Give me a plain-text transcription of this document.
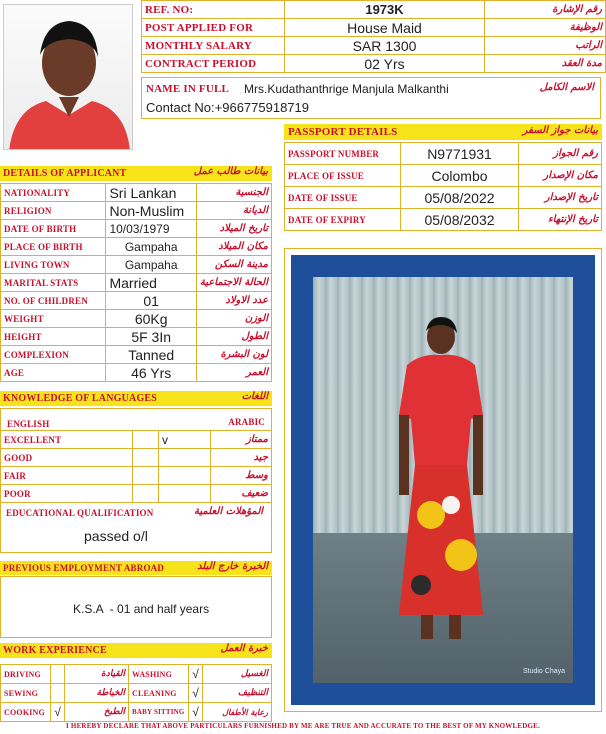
REF. NO:	1973K	رقم الإشارة
POST APPLIED FOR	House Maid	الوظيفة
MONTHLY SALARY	SAR 1300	الراتب
CONTRACT PERIOD	02 Yrs	مدة العقد
NAME IN FULL Mrs.Kudathanthrige Manjula Malkanthi	الاسم الكامل
Contact No:+966775918719
PASSPORT DETAILS	بيانات جواز السفر
PASSPORT NUMBER	N9771931	رقم الجواز
PLACE OF ISSUE	Colombo	مكان الإصدار
DATE OF ISSUE	05/08/2022	تاريخ الإصدار
DATE OF EXPIRY	05/08/2032	تاريخ الإنتهاء
DETAILS OF APPLICANT	بيانات طالب عمل
NATIONALITY	Sri Lankan	الجنسية
RELIGION	Non-Muslim	الديانة
DATE OF BIRTH	10/03/1979	تاريخ الميلاد
PLACE OF BIRTH	Gampaha	مكان الميلاد
LIVING TOWN	Gampaha	مدينة السكن
MARITAL STATS	Married	الحالة الاجتماعية
NO. OF CHILDREN	01	عدد الاولاد
WEIGHT	60Kg	الوزن
HEIGHT	5F 3In	الطول
COMPLEXION	Tanned	لون البشرة
AGE	46 Yrs	العمر
KNOWLEDGE OF LANGUAGES	اللغات
ENGLISH	ARABIC
EXCELLENT		v	ممتاز
GOOD			جيد
FAIR			وسط
POOR			ضعيف
EDUCATIONAL QUALIFICATION	المؤهلات العلمية
passed o/l
PREVIOUS EMPLOYMENT ABROAD	الخبرة خارج البلد
K.S.A  - 01 and half years
WORK EXPERIENCE	خبرة العمل
DRIVING		القيادة	WASHING	√	الغسيل
SEWING		الخياطة	CLEANING	√	التنظيف
COOKING	√	الطبخ	BABY SITTING	√	رعاية الأطفال
Studio Chaya
I HEREBY DECLARE THAT ABOVE PARTICULARS FURNISHED BY ME ARE TRUE AND ACCURATE TO THE BEST OF MY KNOWLEDGE.
